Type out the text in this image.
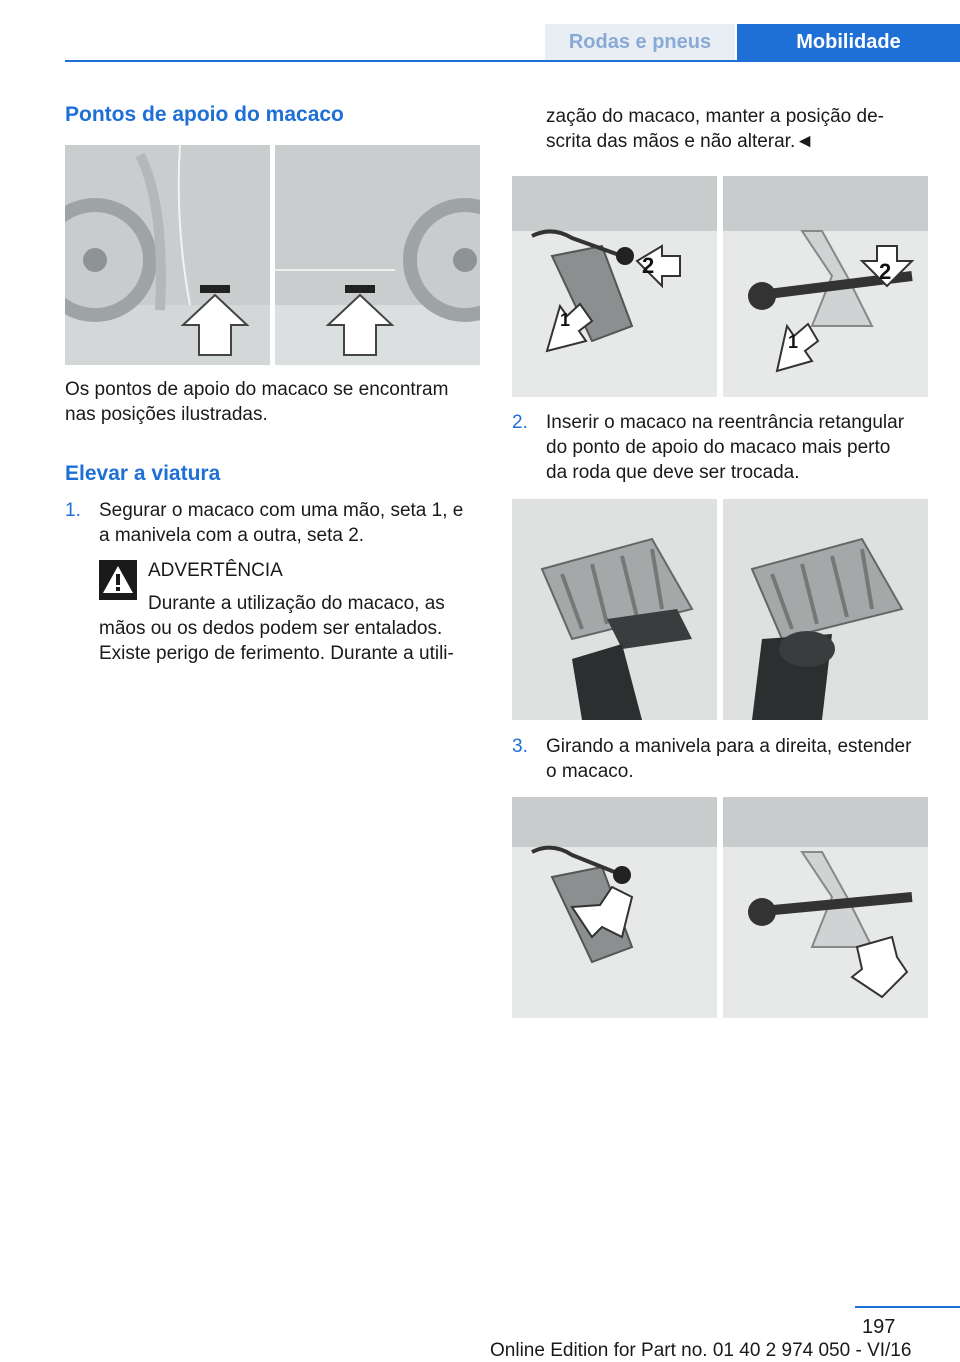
Rodas e pneus	Mobilidade
Pontos de apoio do macaco
Os pontos de apoio do macaco se encontram
nas posições ilustradas.
Elevar a viatura
1. Segurar o macaco com uma mão, seta 1, e
a manivela com a outra, seta 2.
ADVERTÊNCIA
Durante a utilização do macaco, as
mãos ou os dedos podem ser entalados.
Existe perigo de ferimento. Durante a utili-
zação do macaco, manter a posição de-
scrita das mãos e não alterar.◄
2
1
2
1
2. Inserir o macaco na reentrância retangular
do ponto de apoio do macaco mais perto
da roda que deve ser trocada.
3. Girando a manivela para a direita, estender
o macaco.
197
Online Edition for Part no. 01 40 2 974 050 - VI/16
